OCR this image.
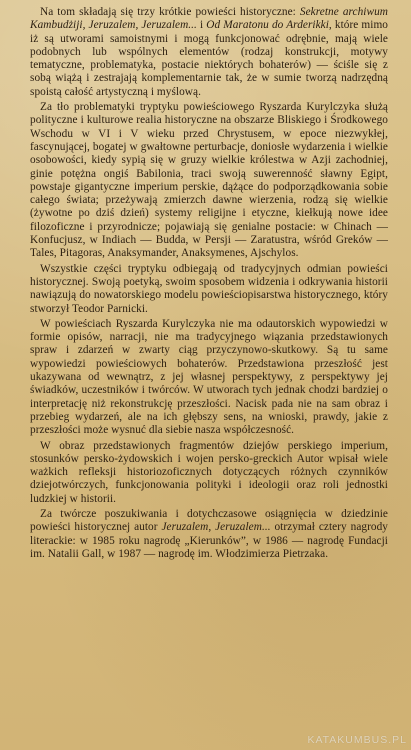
Na tom składają się trzy krótkie powieści historyczne: Sekretne archiwum Kambudżiji, Jeruzalem, Jeruzalem... i Od Maratonu do Arderikki, które mimo iż są utworami samoistnymi i mogą funkcjonować odrębnie, mają wiele podobnych lub wspólnych elementów (rodzaj konstrukcji, motywy tematyczne, problematyka, postacie niektórych bohaterów) — ściśle się z sobą wiążą i zestrajają komplementarnie tak, że w sumie tworzą nadrzędną spoistą całość artystyczną i myślową.

Za tło problematyki tryptyku powieściowego Ryszarda Kurylczyka służą polityczne i kulturowe realia historyczne na obszarze Bliskiego i Środkowego Wschodu w VI i V wieku przed Chrystusem, w epoce niezwykłej, fascynującej, bogatej w gwałtowne perturbacje, doniosłe wydarzenia i wielkie osobowości, kiedy sypią się w gruzy wielkie królestwa w Azji zachodniej, ginie potężna ongiś Babilonia, traci swoją suwerenność sławny Egipt, powstaje gigantyczne imperium perskie, dążące do podporządkowania sobie całego świata; przeżywają zmierzch dawne wierzenia, rodzą się wielkie (żywotne po dziś dzień) systemy religijne i etyczne, kiełkują nowe idee filozoficzne i przyrodnicze; pojawiają się genialne postacie: w Chinach — Konfucjusz, w Indiach — Budda, w Persji — Zaratustra, wśród Greków — Tales, Pitagoras, Anaksymander, Anaksymenes, Ajschylos.

Wszystkie części tryptyku odbiegają od tradycyjnych odmian powieści historycznej. Swoją poetyką, swoim sposobem widzenia i odkrywania historii nawiązują do nowatorskiego modelu powieściopisarstwa historycznego, który stworzył Teodor Parnicki.

W powieściach Ryszarda Kurylczyka nie ma odautorskich wypowiedzi w formie opisów, narracji, nie ma tradycyjnego wiązania przedstawionych spraw i zdarzeń w zwarty ciąg przyczynowo-skutkowy. Są tu same wypowiedzi powieściowych bohaterów. Przedstawiona przeszłość jest ukazywana od wewnątrz, z jej własnej perspektywy, z perspektywy jej świadków, uczestników i twórców. W utworach tych jednak chodzi bardziej o interpretację niż rekonstrukcję przeszłości. Nacisk pada nie na sam obraz i przebieg wydarzeń, ale na ich głębszy sens, na wnioski, prawdy, jakie z przeszłości może wysnuć dla siebie nasza współczesność.

W obraz przedstawionych fragmentów dziejów perskiego imperium, stosunków persko-żydowskich i wojen persko-greckich Autor wpisał wiele ważkich refleksji historiozoficznych dotyczących różnych czynników dziejotwórczych, funkcjonowania polityki i ideologii oraz roli jednostki ludzkiej w historii.

Za twórcze poszukiwania i dotychczasowe osiągnięcia w dziedzinie powieści historycznej autor Jeruzalem, Jeruzalem... otrzymał cztery nagrody literackie: w 1985 roku nagrodę „Kierunków”, w 1986 — nagrodę Fundacji im. Natalii Gall, w 1987 — nagrodę im. Włodzimierza Pietrzaka.

KATAKUMBUS.PL
